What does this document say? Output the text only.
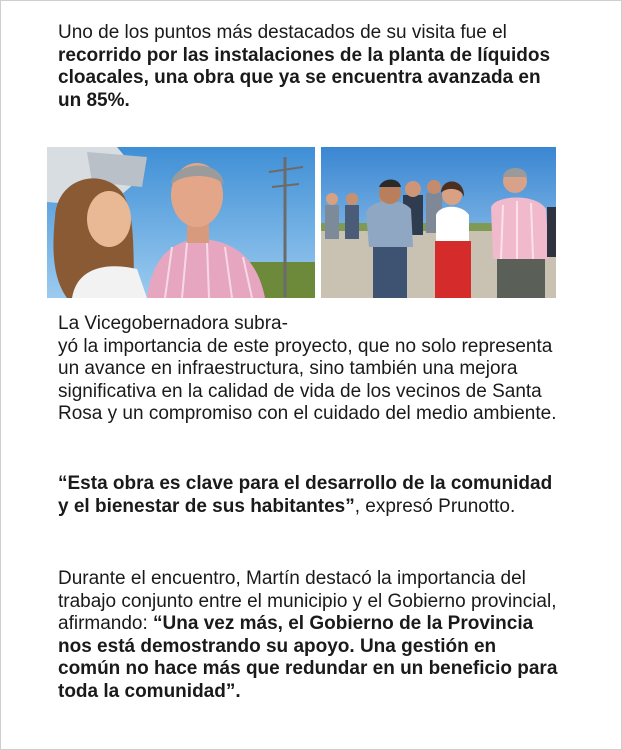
Uno de los puntos más destacados de su visita fue el recorrido por las instalaciones de la planta de líquidos cloacales, una obra que ya se encuentra avanzada en un 85%.

La Vicegobernadora subra-
yó la importancia de este proyecto, que no solo representa un avance en infraestructura, sino también una mejora significativa en la calidad de vida de los vecinos de Santa Rosa y un compromiso con el cuidado del medio ambiente.

“Esta obra es clave para el desarrollo de la comunidad y el bienestar de sus habitantes”, expresó Prunotto.

Durante el encuentro, Martín destacó la importancia del trabajo conjunto entre el municipio y el Gobierno provincial, afirmando: “Una vez más, el Gobierno de la Provincia nos está demostrando su apoyo. Una gestión en común no hace más que redundar en un beneficio para toda la comunidad”.
